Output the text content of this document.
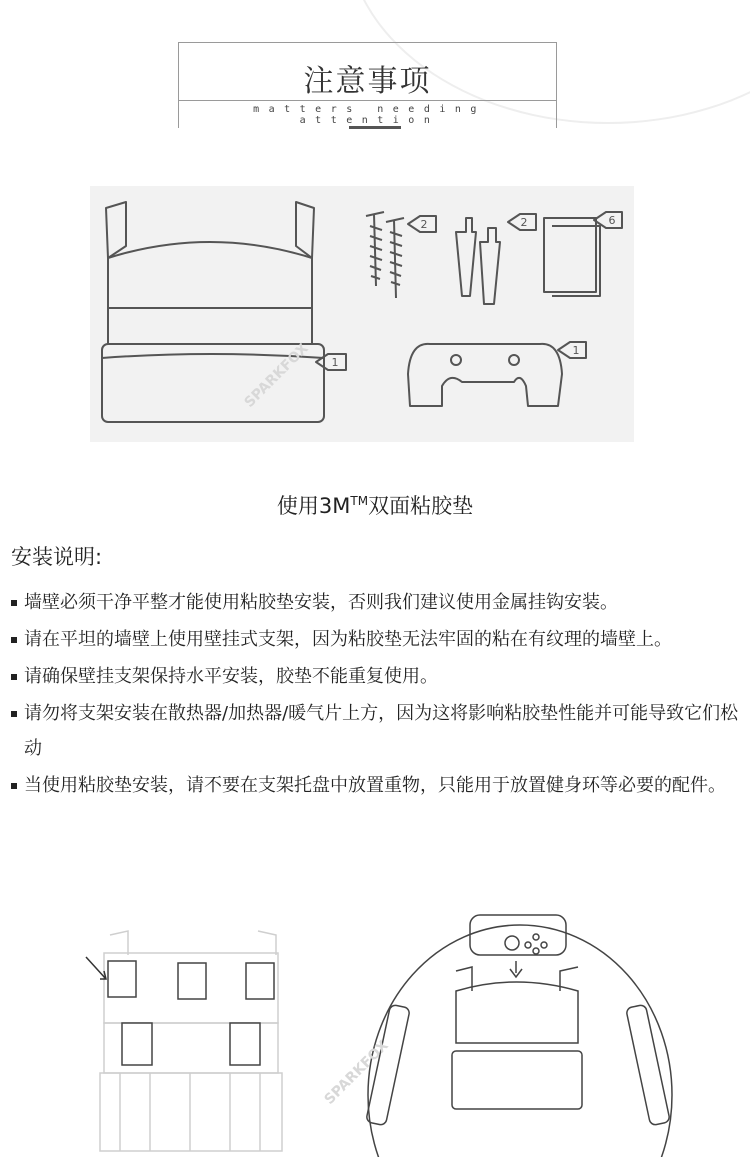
注意事项
matters needing attention
2	2	6
1
1
SPARKFOX
使用3M™双面粘胶垫
安装说明:
墙壁必须干净平整才能使用粘胶垫安装，否则我们建议使用金属挂钩安装。
请在平坦的墙壁上使用壁挂式支架，因为粘胶垫无法牢固的粘在有纹理的墙壁上。
请确保壁挂支架保持水平安装，胶垫不能重复使用。
请勿将支架安装在散热器/加热器/暖气片上方，因为这将影响粘胶垫性能并可能导致它们松动
当使用粘胶垫安装，请不要在支架托盘中放置重物，只能用于放置健身环等必要的配件。
SPARKFOX
